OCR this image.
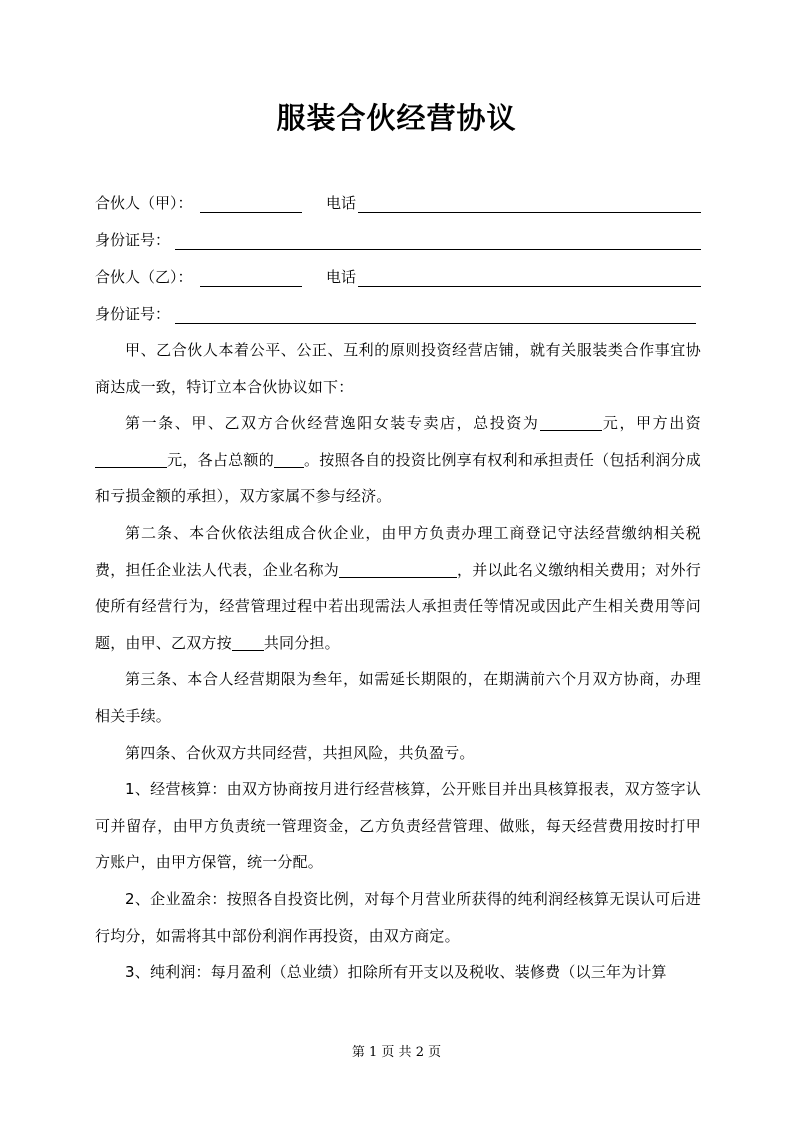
服装合伙经营协议
合伙人（甲）：	电话
身份证号：
合伙人（乙）：	电话
身份证号：

甲、乙合伙人本着公平、公正、互利的原则投资经营店铺，就有关服装类合作事宜协商达成一致，特订立本合伙协议如下：

第一条、甲、乙双方合伙经营逸阳女装专卖店，总投资为	元，甲方出资元，各占总额的 。按照各自的投资比例享有权利和承担责任（包括利润分成和亏损金额的承担），双方家属不参与经济。

第二条、本合伙依法组成合伙企业，由甲方负责办理工商登记守法经营缴纳相关税费，担任企业法人代表，企业名称为	，并以此名义缴纳相关费用；对外行使所有经营行为，经营管理过程中若出现需法人承担责任等情况或因此产生相关费用等问题，由甲、乙双方按 共同分担。

第三条、本合人经营期限为叁年，如需延长期限的，在期满前六个月双方协商，办理相关手续。

第四条、合伙双方共同经营，共担风险，共负盈亏。

1、经营核算：由双方协商按月进行经营核算，公开账目并出具核算报表，双方签字认可并留存，由甲方负责统一管理资金，乙方负责经营管理、做账，每天经营费用按时打甲方账户，由甲方保管，统一分配。

2、企业盈余：按照各自投资比例，对每个月营业所获得的纯利润经核算无误认可后进行均分，如需将其中部份利润作再投资，由双方商定。

3、纯利润：每月盈利（总业绩）扣除所有开支以及税收、装修费（以三年为计算

第 1 页 共 2 页
